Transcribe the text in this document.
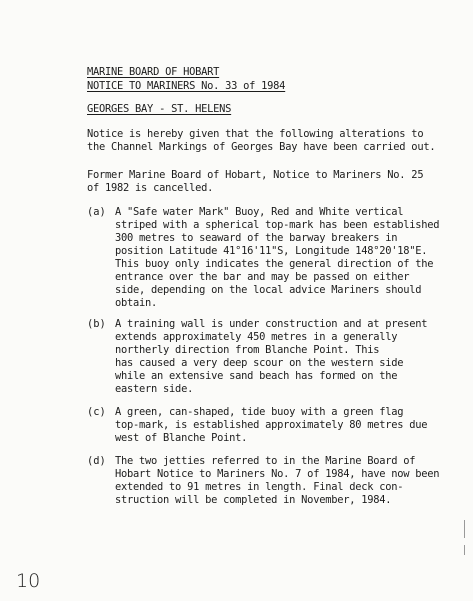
MARINE BOARD OF HOBART
NOTICE TO MARINERS No. 33 of 1984
GEORGES BAY - ST. HELENS
Notice is hereby given that the following alterations to
the Channel Markings of Georges Bay have been carried out.
Former Marine Board of Hobart, Notice to Mariners No. 25
of 1982 is cancelled.
(a) A "Safe water Mark" Buoy, Red and White vertical
striped with a spherical top-mark has been established
300 metres to seaward of the barway breakers in
position Latitude 41°16'11"S, Longitude 148°20'18"E.
This buoy only indicates the general direction of the
entrance over the bar and may be passed on either
side, depending on the local advice Mariners should
obtain.
(b) A training wall is under construction and at present
extends approximately 450 metres in a generally
northerly direction from Blanche Point. This
has caused a very deep scour on the western side
while an extensive sand beach has formed on the
eastern side.
(c) A green, can-shaped, tide buoy with a green flag
top-mark, is established approximately 80 metres due
west of Blanche Point.
(d) The two jetties referred to in the Marine Board of
Hobart Notice to Mariners No. 7 of 1984, have now been
extended to 91 metres in length. Final deck con-
struction will be completed in November, 1984.
10
